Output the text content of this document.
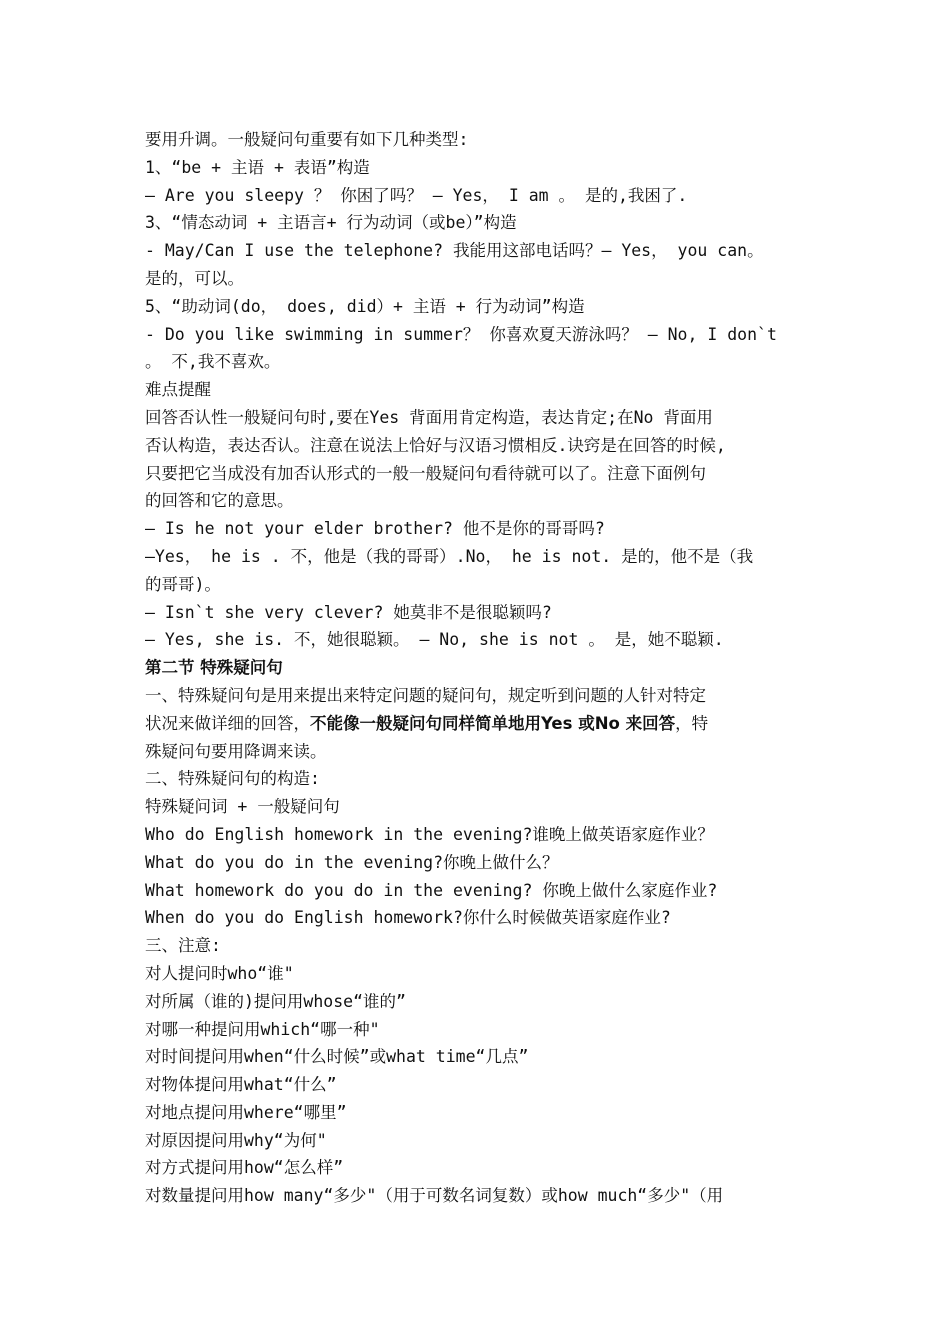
要用升调。一般疑问句重要有如下几种类型:
1、“be + 主语 + 表语”构造
— Are you sleepy ？ 你困了吗？ — Yes， I am 。 是的,我困了.
3、“情态动词 + 主语言+ 行为动词（或be）”构造
- May/Can I use the telephone? 我能用这部电话吗？— Yes， you can。
是的，可以。
5、“助动词(do， does, did）+ 主语 + 行为动词”构造
- Do you like swimming in summer？ 你喜欢夏天游泳吗？ — No, I don`t
。 不,我不喜欢。
难点提醒
回答否认性一般疑问句时,要在Yes 背面用肯定构造，表达肯定;在No 背面用
否认构造，表达否认。注意在说法上恰好与汉语习惯相反.诀窍是在回答的时候,
只要把它当成没有加否认形式的一般一般疑问句看待就可以了。注意下面例句
的回答和它的意思。
— Is he not your elder brother? 他不是你的哥哥吗?
—Yes， he is . 不，他是（我的哥哥）.No， he is not. 是的，他不是（我
的哥哥)。
— Isn`t she very clever? 她莫非不是很聪颖吗?
— Yes, she is. 不，她很聪颖。 — No, she is not 。 是，她不聪颖.
第二节 特殊疑问句
一、特殊疑问句是用来提出来特定问题的疑问句，规定听到问题的人针对特定
状况来做详细的回答，不能像一般疑问句同样简单地用Yes 或No 来回答，特
殊疑问句要用降调来读。
二、特殊疑问句的构造:
特殊疑问词 + 一般疑问句
Who do English homework in the evening?谁晚上做英语家庭作业？
What do you do in the evening?你晚上做什么？
What homework do you do in the evening? 你晚上做什么家庭作业?
When do you do English homework?你什么时候做英语家庭作业?
三、注意:
对人提问时who“谁"
对所属（谁的)提问用whose“谁的”
对哪一种提问用which“哪一种"
对时间提问用when“什么时候”或what time“几点”
对物体提问用what“什么”
对地点提问用where“哪里”
对原因提问用why“为何"
对方式提问用how“怎么样”
对数量提问用how many“多少"（用于可数名词复数）或how much“多少"（用
